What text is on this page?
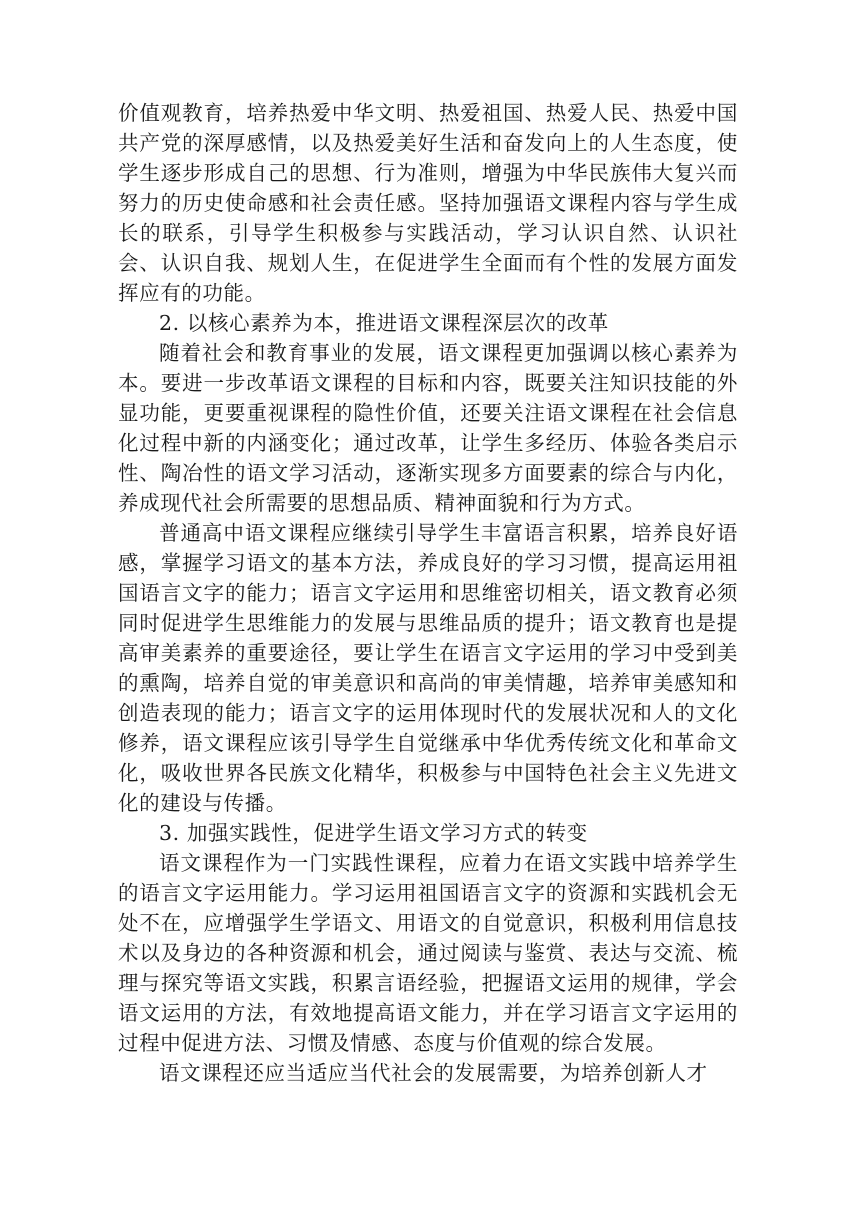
价值观教育，培养热爱中华文明、热爱祖国、热爱人民、热爱中国共产党的深厚感情，以及热爱美好生活和奋发向上的人生态度，使学生逐步形成自己的思想、行为准则，增强为中华民族伟大复兴而努力的历史使命感和社会责任感。坚持加强语文课程内容与学生成长的联系，引导学生积极参与实践活动，学习认识自然、认识社会、认识自我、规划人生，在促进学生全面而有个性的发展方面发挥应有的功能。

2. 以核心素养为本，推进语文课程深层次的改革

随着社会和教育事业的发展，语文课程更加强调以核心素养为本。要进一步改革语文课程的目标和内容，既要关注知识技能的外显功能，更要重视课程的隐性价值，还要关注语文课程在社会信息化过程中新的内涵变化；通过改革，让学生多经历、体验各类启示性、陶冶性的语文学习活动，逐渐实现多方面要素的综合与内化，养成现代社会所需要的思想品质、精神面貌和行为方式。

普通高中语文课程应继续引导学生丰富语言积累，培养良好语感，掌握学习语文的基本方法，养成良好的学习习惯，提高运用祖国语言文字的能力；语言文字运用和思维密切相关，语文教育必须同时促进学生思维能力的发展与思维品质的提升；语文教育也是提高审美素养的重要途径，要让学生在语言文字运用的学习中受到美的熏陶，培养自觉的审美意识和高尚的审美情趣，培养审美感知和创造表现的能力；语言文字的运用体现时代的发展状况和人的文化修养，语文课程应该引导学生自觉继承中华优秀传统文化和革命文化，吸收世界各民族文化精华，积极参与中国特色社会主义先进文化的建设与传播。

3. 加强实践性，促进学生语文学习方式的转变

语文课程作为一门实践性课程，应着力在语文实践中培养学生的语言文字运用能力。学习运用祖国语言文字的资源和实践机会无处不在，应增强学生学语文、用语文的自觉意识，积极利用信息技术以及身边的各种资源和机会，通过阅读与鉴赏、表达与交流、梳理与探究等语文实践，积累言语经验，把握语文运用的规律，学会语文运用的方法，有效地提高语文能力，并在学习语言文字运用的过程中促进方法、习惯及情感、态度与价值观的综合发展。

语文课程还应当适应当代社会的发展需要，为培养创新人才
